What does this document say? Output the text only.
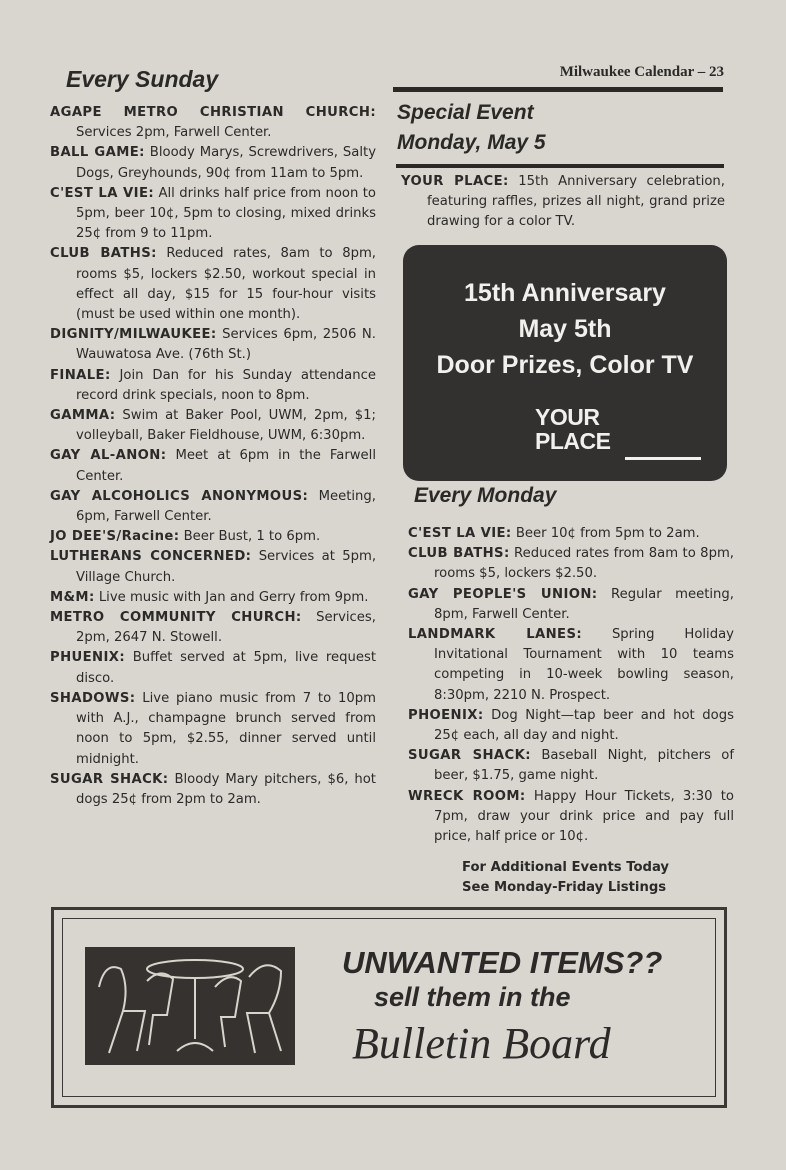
Every Sunday	Milwaukee Calendar – 23
AGAPE METRO CHRISTIAN CHURCH: Services 2pm, Farwell Center.
BALL GAME: Bloody Marys, Screwdrivers, Salty Dogs, Greyhounds, 90¢ from 11am to 5pm.
C'EST LA VIE: All drinks half price from noon to 5pm, beer 10¢, 5pm to closing, mixed drinks 25¢ from 9 to 11pm.
CLUB BATHS: Reduced rates, 8am to 8pm, rooms $5, lockers $2.50, workout special in effect all day, $15 for 15 four-hour visits (must be used within one month).
DIGNITY/MILWAUKEE: Services 6pm, 2506 N. Wauwatosa Ave. (76th St.)
FINALE: Join Dan for his Sunday attendance record drink specials, noon to 8pm.
GAMMA: Swim at Baker Pool, UWM, 2pm, $1; volleyball, Baker Fieldhouse, UWM, 6:30pm.
GAY AL-ANON: Meet at 6pm in the Farwell Center.
GAY ALCOHOLICS ANONYMOUS: Meeting, 6pm, Farwell Center.
JO DEE'S/Racine: Beer Bust, 1 to 6pm.
LUTHERANS CONCERNED: Services at 5pm, Village Church.
M&M: Live music with Jan and Gerry from 9pm.
METRO COMMUNITY CHURCH: Services, 2pm, 2647 N. Stowell.
PHUENIX: Buffet served at 5pm, live request disco.
SHADOWS: Live piano music from 7 to 10pm with A.J., champagne brunch served from noon to 5pm, $2.55, dinner served until midnight.
SUGAR SHACK: Bloody Mary pitchers, $6, hot dogs 25¢ from 2pm to 2am.
Special Event
Monday, May 5
YOUR PLACE: 15th Anniversary celebration, featuring raffles, prizes all night, grand prize drawing for a color TV.
15th Anniversary
May 5th
Door Prizes, Color TV
YOUR
PLACE
Every Monday
C'EST LA VIE: Beer 10¢ from 5pm to 2am.
CLUB BATHS: Reduced rates from 8am to 8pm, rooms $5, lockers $2.50.
GAY PEOPLE'S UNION: Regular meeting, 8pm, Farwell Center.
LANDMARK LANES: Spring Holiday Invitational Tournament with 10 teams competing in 10-week bowling season, 8:30pm, 2210 N. Prospect.
PHOENIX: Dog Night—tap beer and hot dogs 25¢ each, all day and night.
SUGAR SHACK: Baseball Night, pitchers of beer, $1.75, game night.
WRECK ROOM: Happy Hour Tickets, 3:30 to 7pm, draw your drink price and pay full price, half price or 10¢.
For Additional Events Today
See Monday-Friday Listings
UNWANTED ITEMS??
sell them in the
Bulletin Board
